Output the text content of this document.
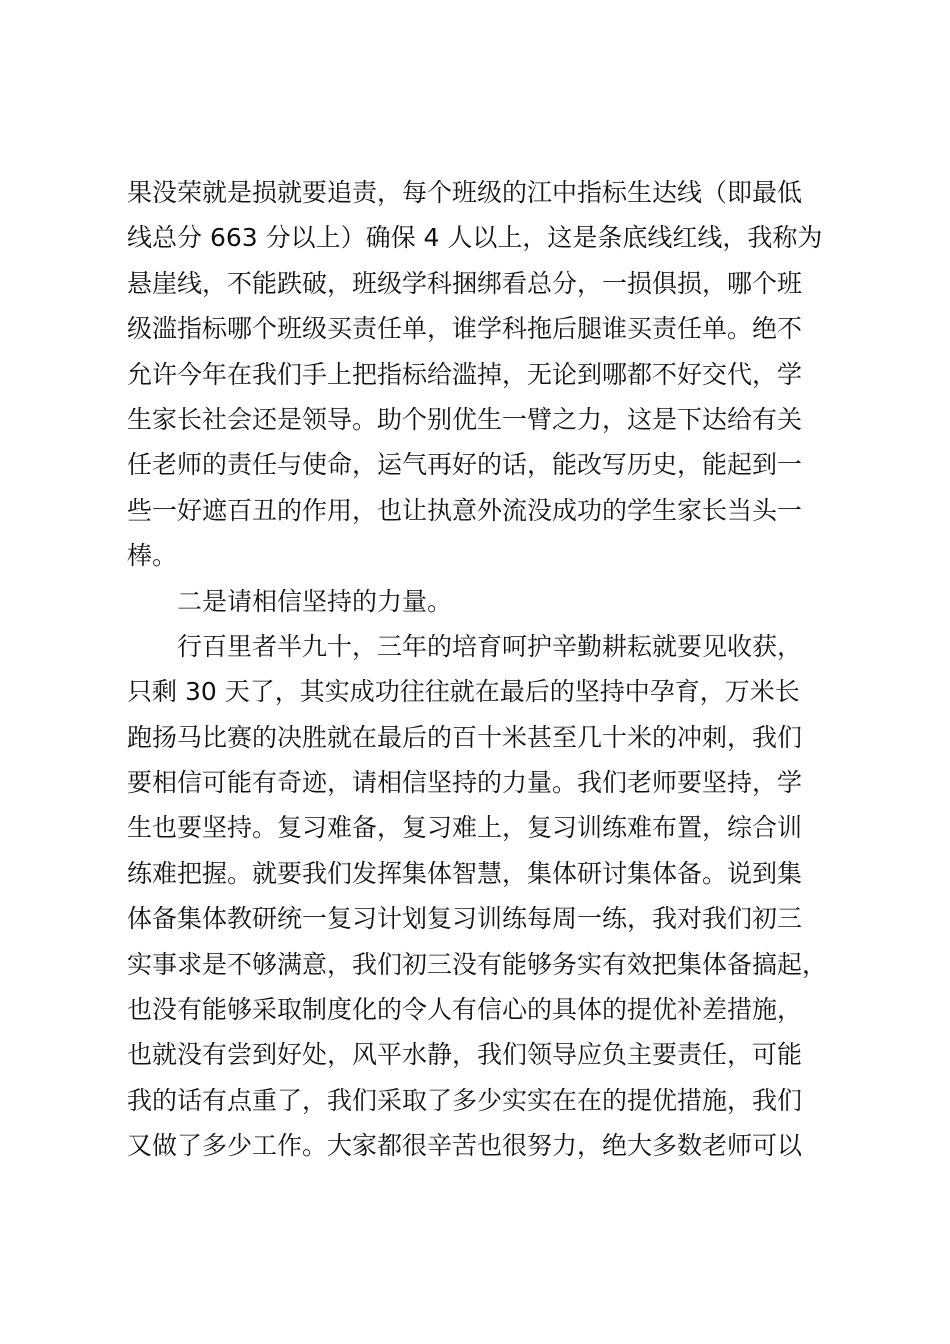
果没荣就是损就要追责，每个班级的江中指标生达线（即最低
线总分 663 分以上）确保 4 人以上，这是条底线红线，我称为
悬崖线，不能跌破，班级学科捆绑看总分，一损俱损，哪个班
级滥指标哪个班级买责任单，谁学科拖后腿谁买责任单。绝不
允许今年在我们手上把指标给滥掉，无论到哪都不好交代，学
生家长社会还是领导。助个别优生一臂之力，这是下达给有关
任老师的责任与使命，运气再好的话，能改写历史，能起到一
些一好遮百丑的作用，也让执意外流没成功的学生家长当头一
棒。
二是请相信坚持的力量。
行百里者半九十，三年的培育呵护辛勤耕耘就要见收获，
只剩 30 天了，其实成功往往就在最后的坚持中孕育，万米长
跑扬马比赛的决胜就在最后的百十米甚至几十米的冲刺，我们
要相信可能有奇迹，请相信坚持的力量。我们老师要坚持，学
生也要坚持。复习难备，复习难上，复习训练难布置，综合训
练难把握。就要我们发挥集体智慧，集体研讨集体备。说到集
体备集体教研统一复习计划复习训练每周一练，我对我们初三
实事求是不够满意，我们初三没有能够务实有效把集体备搞起，
也没有能够采取制度化的令人有信心的具体的提优补差措施，
也就没有尝到好处，风平水静，我们领导应负主要责任，可能
我的话有点重了，我们采取了多少实实在在的提优措施，我们
又做了多少工作。大家都很辛苦也很努力，绝大多数老师可以
